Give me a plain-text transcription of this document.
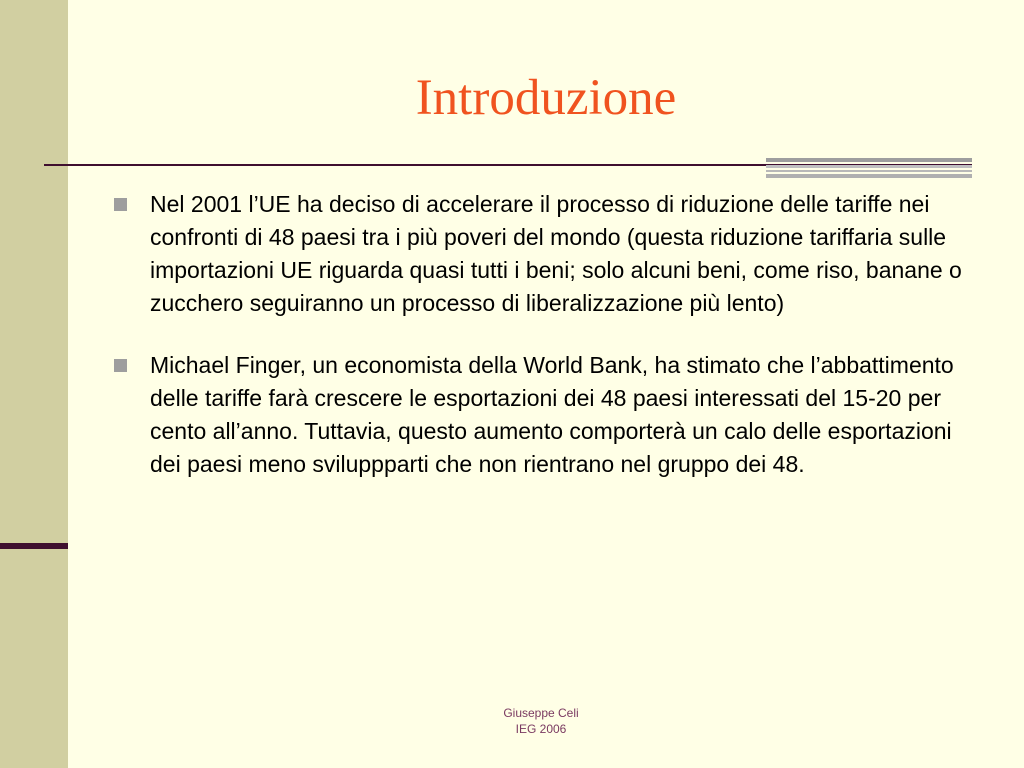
Introduzione
Nel 2001 l’UE ha deciso di accelerare il processo di riduzione delle tariffe nei confronti di 48 paesi tra i più poveri del mondo (questa riduzione tariffaria sulle importazioni UE riguarda quasi tutti i beni; solo alcuni beni, come riso, banane o zucchero seguiranno un processo di liberalizzazione più lento)
Michael Finger, un economista della World Bank, ha stimato che l’abbattimento delle tariffe farà crescere le esportazioni dei 48 paesi interessati del 15-20 per cento all’anno. Tuttavia, questo aumento comporterà un calo delle esportazioni dei paesi meno sviluppparti che non rientrano nel gruppo dei 48.
Giuseppe Celi
IEG 2006
